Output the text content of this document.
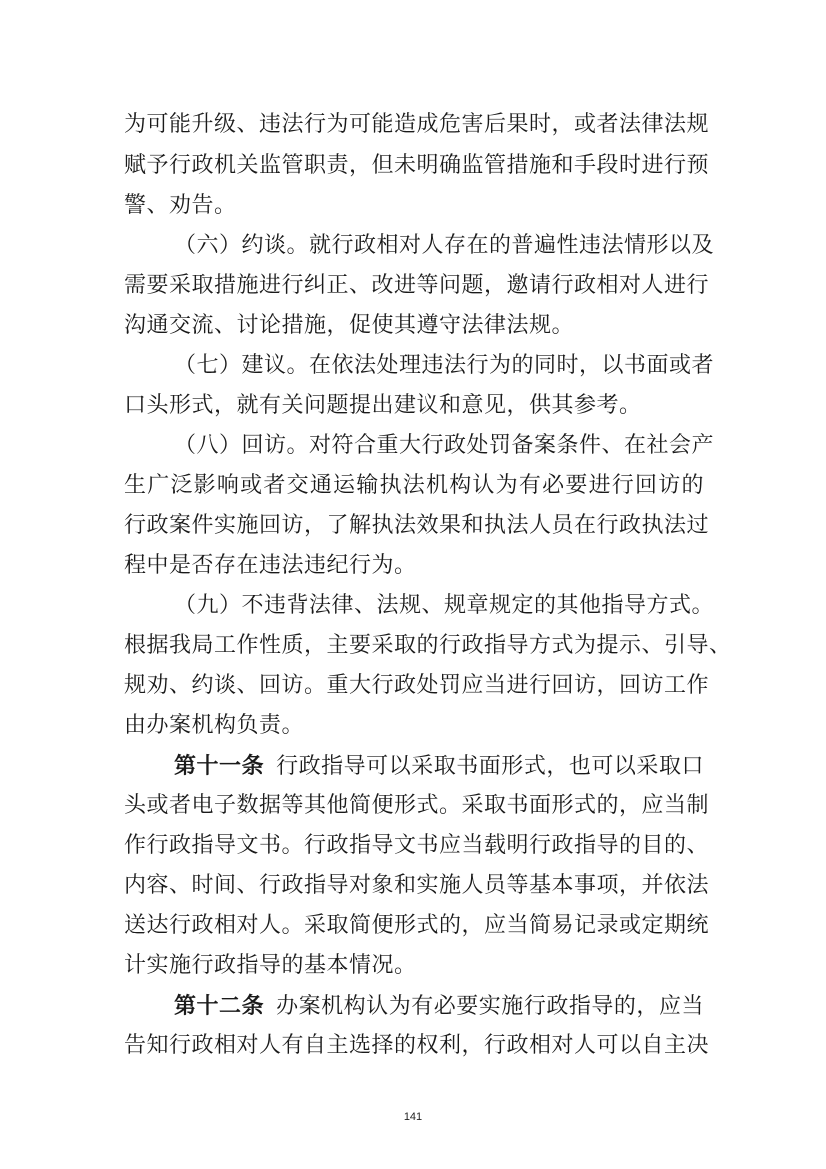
为可能升级、违法行为可能造成危害后果时，或者法律法规
赋予行政机关监管职责，但未明确监管措施和手段时进行预
警、劝告。
（六）约谈。就行政相对人存在的普遍性违法情形以及
需要采取措施进行纠正、改进等问题，邀请行政相对人进行
沟通交流、讨论措施，促使其遵守法律法规。
（七）建议。在依法处理违法行为的同时，以书面或者
口头形式，就有关问题提出建议和意见，供其参考。
（八）回访。对符合重大行政处罚备案条件、在社会产
生广泛影响或者交通运输执法机构认为有必要进行回访的
行政案件实施回访，了解执法效果和执法人员在行政执法过
程中是否存在违法违纪行为。
（九）不违背法律、法规、规章规定的其他指导方式。
根据我局工作性质，主要采取的行政指导方式为提示、引导、
规劝、约谈、回访。重大行政处罚应当进行回访，回访工作
由办案机构负责。
第十一条 行政指导可以采取书面形式，也可以采取口
头或者电子数据等其他简便形式。采取书面形式的，应当制
作行政指导文书。行政指导文书应当载明行政指导的目的、
内容、时间、行政指导对象和实施人员等基本事项，并依法
送达行政相对人。采取简便形式的，应当简易记录或定期统
计实施行政指导的基本情况。
第十二条 办案机构认为有必要实施行政指导的，应当
告知行政相对人有自主选择的权利，行政相对人可以自主决
141
